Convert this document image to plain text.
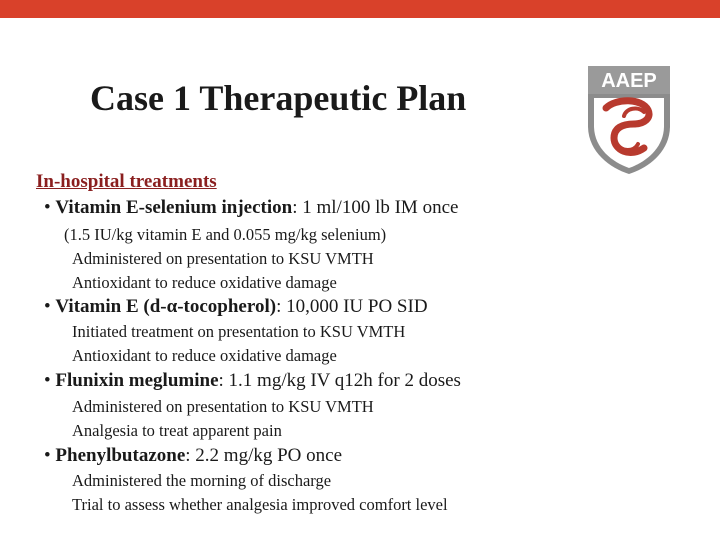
Case 1 Therapeutic Plan	AAEP
In-hospital treatments
• Vitamin E-selenium injection: 1 ml/100 lb IM once
(1.5 IU/kg vitamin E and 0.055 mg/kg selenium)
Administered on presentation to KSU VMTH
Antioxidant to reduce oxidative damage
• Vitamin E (d-α-tocopherol): 10,000 IU PO SID
Initiated treatment on presentation to KSU VMTH
Antioxidant to reduce oxidative damage
• Flunixin meglumine: 1.1 mg/kg IV q12h for 2 doses
Administered on presentation to KSU VMTH
Analgesia to treat apparent pain
• Phenylbutazone: 2.2 mg/kg PO once
Administered the morning of discharge
Trial to assess whether analgesia improved comfort level
